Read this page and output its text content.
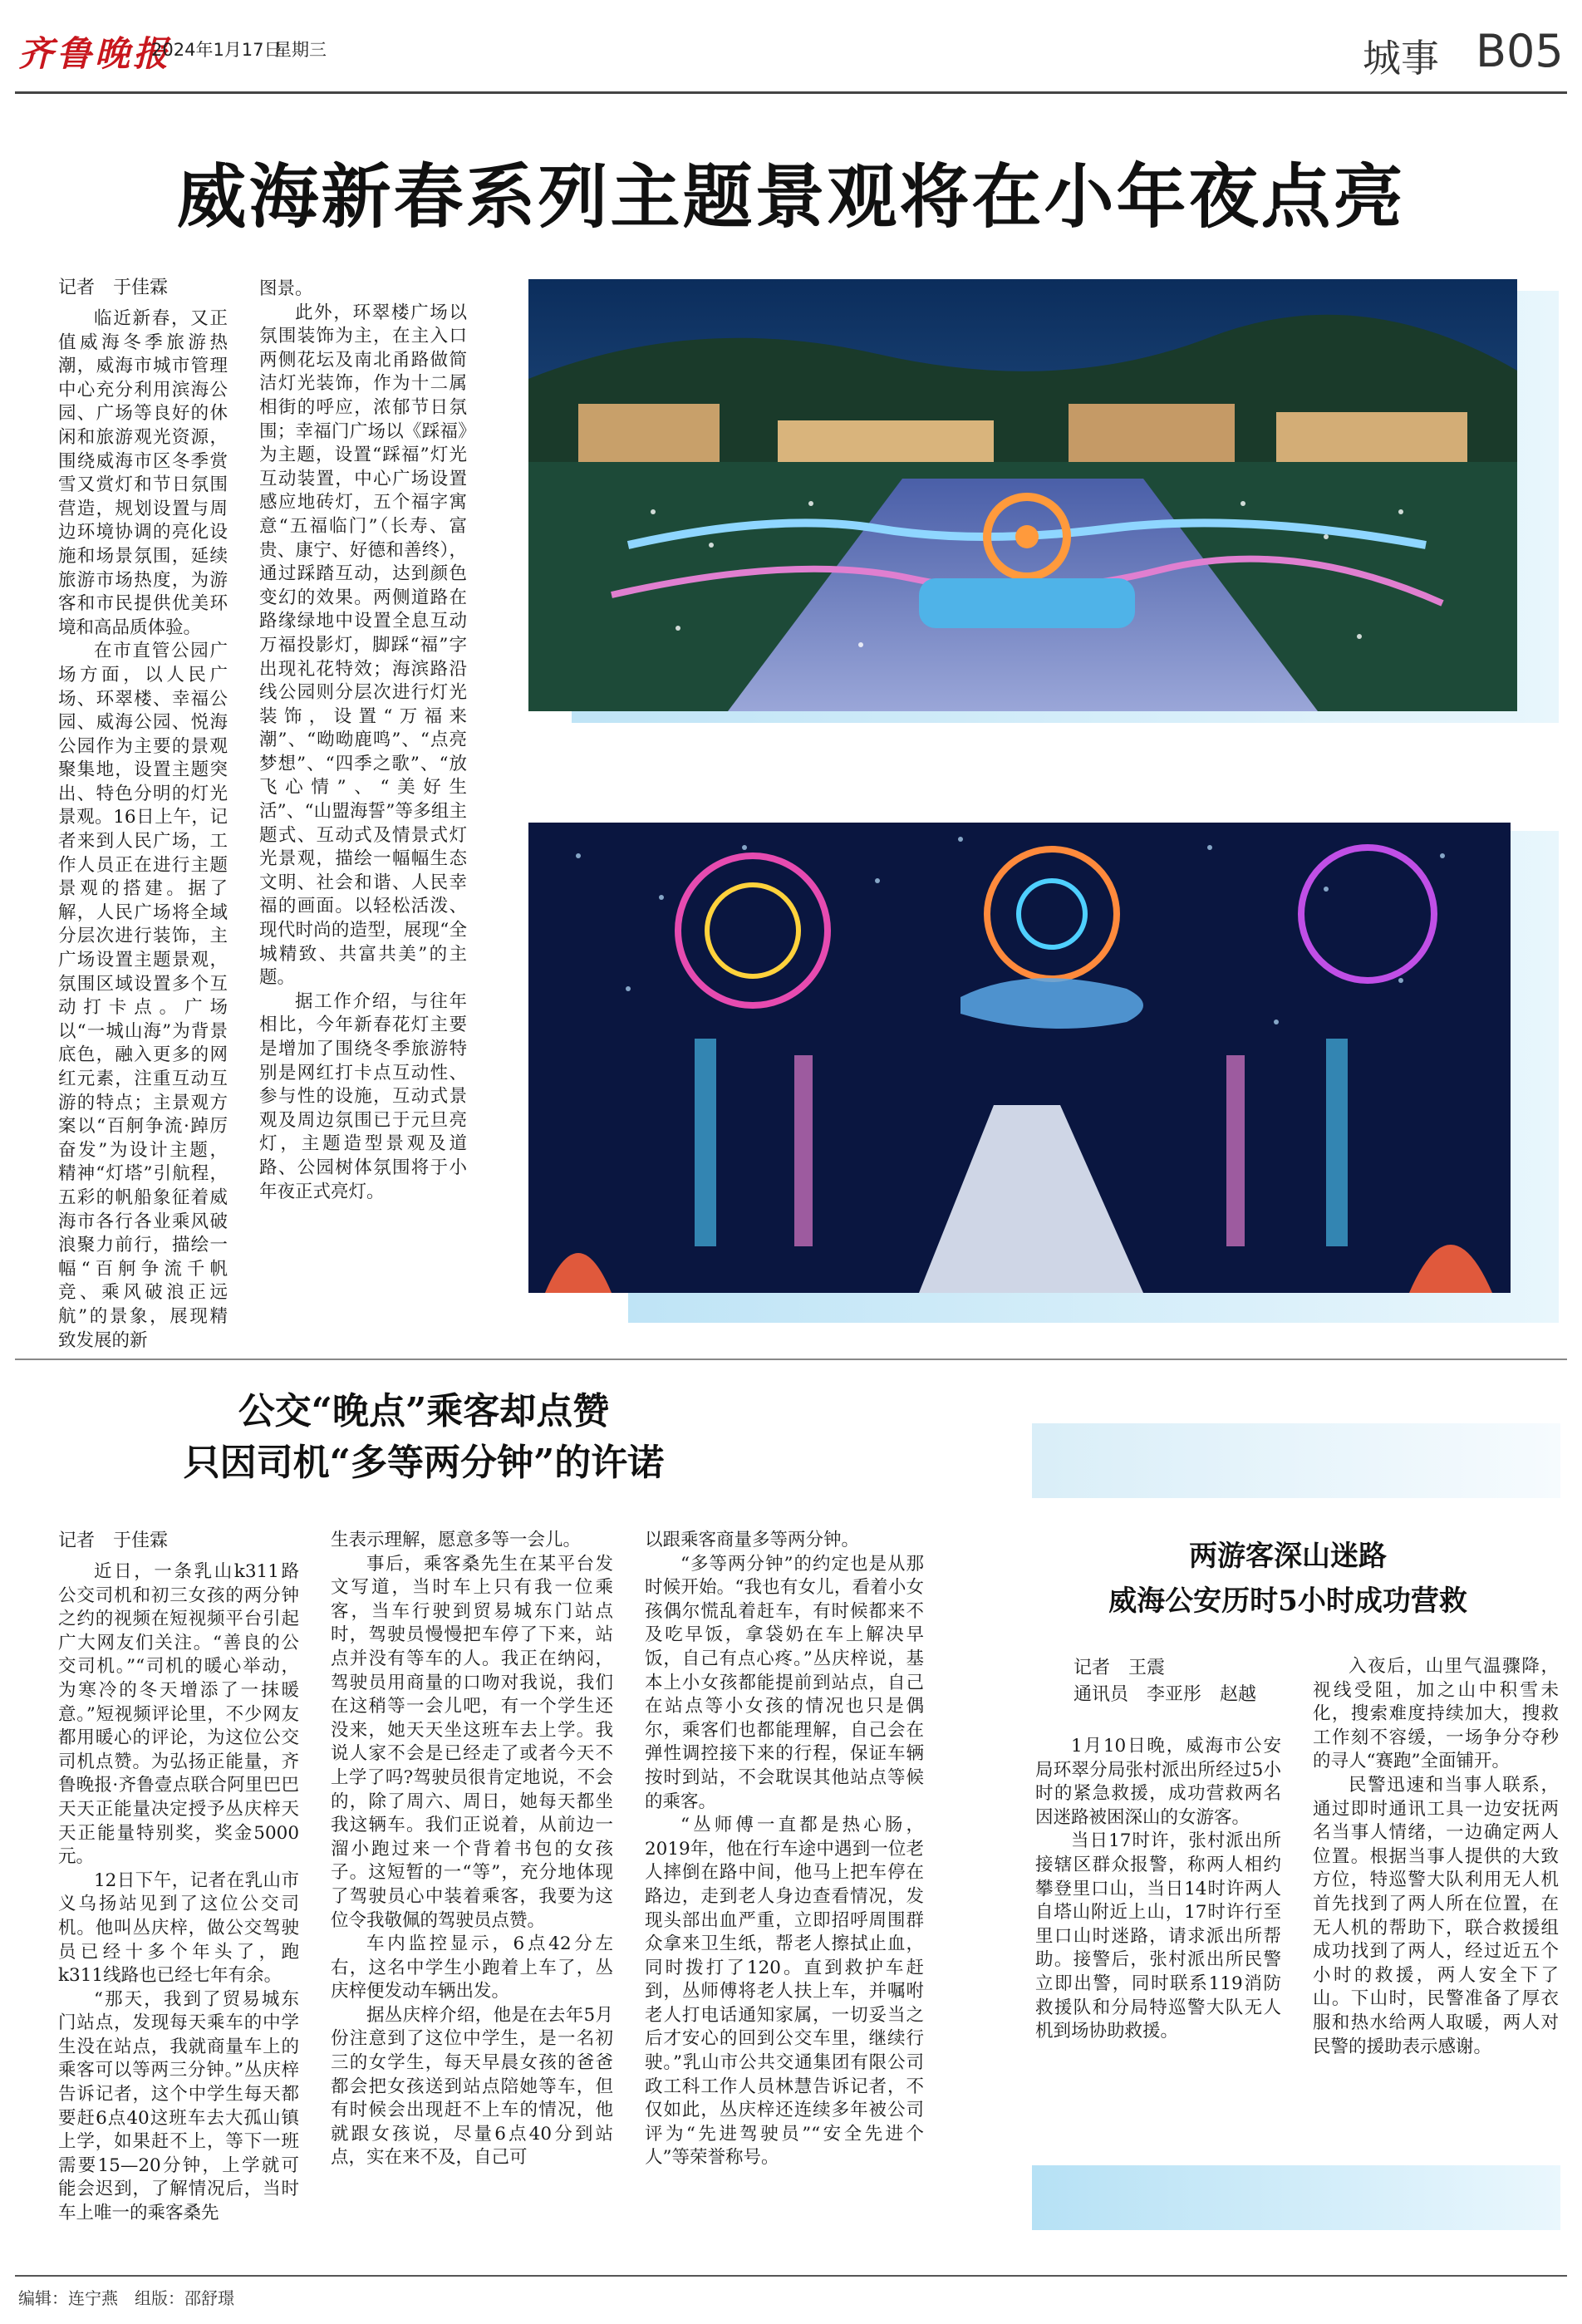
齐鲁晚报
2024年1月17日
星期三	城事 B05
威海新春系列主题景观将在小年夜点亮
记者　于佳霖

临近新春，又正值威海冬季旅游热潮，威海市城市管理中心充分利用滨海公园、广场等良好的休闲和旅游观光资源，围绕威海市区冬季赏雪又赏灯和节日氛围营造，规划设置与周边环境协调的亮化设施和场景氛围，延续旅游市场热度，为游客和市民提供优美环境和高品质体验。

在市直管公园广场方面，以人民广场、环翠楼、幸福公园、威海公园、悦海公园作为主要的景观聚集地，设置主题突出、特色分明的灯光景观。16日上午，记者来到人民广场，工作人员正在进行主题景观的搭建。据了解，人民广场将全域分层次进行装饰，主广场设置主题景观，氛围区域设置多个互动打卡点。广场以“一城山海”为背景底色，融入更多的网红元素，注重互动互游的特点；主景观方案以“百舸争流·踔厉奋发”为设计主题，精神“灯塔”引航程，五彩的帆船象征着威海市各行各业乘风破浪聚力前行，描绘一幅“百舸争流千帆竞、乘风破浪正远航”的景象，展现精致发展的新

图景。

此外，环翠楼广场以氛围装饰为主，在主入口两侧花坛及南北甬路做简洁灯光装饰，作为十二属相街的呼应，浓郁节日氛围；幸福门广场以《踩福》为主题，设置“踩福”灯光互动装置，中心广场设置感应地砖灯，五个福字寓意“五福临门”（长寿、富贵、康宁、好德和善终），通过踩踏互动，达到颜色变幻的效果。两侧道路在路缘绿地中设置全息互动万福投影灯，脚踩“福”字出现礼花特效；海滨路沿线公园则分层次进行灯光装饰，设置“万福来潮”、“呦呦鹿鸣”、“点亮梦想”、“四季之歌”、“放飞心情”、“美好生活”、“山盟海誓”等多组主题式、互动式及情景式灯光景观，描绘一幅幅生态文明、社会和谐、人民幸福的画面。以轻松活泼、现代时尚的造型，展现“全城精致、共富共美”的主题。

据工作介绍，与往年相比，今年新春花灯主要是增加了围绕冬季旅游特别是网红打卡点互动性、参与性的设施，互动式景观及周边氛围已于元旦亮灯，主题造型景观及道路、公园树体氛围将于小年夜正式亮灯。

公交“晚点”乘客却点赞
只因司机“多等两分钟”的许诺
记者　于佳霖

近日，一条乳山k311路公交司机和初三女孩的两分钟之约的视频在短视频平台引起广大网友们关注。“善良的公交司机。”“司机的暖心举动，为寒冷的冬天增添了一抹暖意。”短视频评论里，不少网友都用暖心的评论，为这位公交司机点赞。为弘扬正能量，齐鲁晚报·齐鲁壹点联合阿里巴巴天天正能量决定授予丛庆梓天天正能量特别奖，奖金5000元。

12日下午，记者在乳山市义乌扬站见到了这位公交司机。他叫丛庆梓，做公交驾驶员已经十多个年头了，跑k311线路也已经七年有余。

“那天，我到了贸易城东门站点，发现每天乘车的中学生没在站点，我就商量车上的乘客可以等两三分钟。”丛庆梓告诉记者，这个中学生每天都要赶6点40这班车去大孤山镇上学，如果赶不上，等下一班需要15—20分钟，上学就可能会迟到，了解情况后，当时车上唯一的乘客桑先

生表示理解，愿意多等一会儿。

事后，乘客桑先生在某平台发文写道，当时车上只有我一位乘客，当车行驶到贸易城东门站点时，驾驶员慢慢把车停了下来，站点并没有等车的人。我正在纳闷，驾驶员用商量的口吻对我说，我们在这稍等一会儿吧，有一个学生还没来，她天天坐这班车去上学。我说人家不会是已经走了或者今天不上学了吗?驾驶员很肯定地说，不会的，除了周六、周日，她每天都坐我这辆车。我们正说着，从前边一溜小跑过来一个背着书包的女孩子。这短暂的一“等”，充分地体现了驾驶员心中装着乘客，我要为这位令我敬佩的驾驶员点赞。

车内监控显示，6点42分左右，这名中学生小跑着上车了，丛庆梓便发动车辆出发。

据丛庆梓介绍，他是在去年5月份注意到了这位中学生，是一名初三的女学生，每天早晨女孩的爸爸都会把女孩送到站点陪她等车，但有时候会出现赶不上车的情况，他就跟女孩说，尽量6点40分到站点，实在来不及，自己可

以跟乘客商量多等两分钟。

“多等两分钟”的约定也是从那时候开始。“我也有女儿，看着小女孩偶尔慌乱着赶车，有时候都来不及吃早饭，拿袋奶在车上解决早饭，自己有点心疼。”丛庆梓说，基本上小女孩都能提前到站点，自己在站点等小女孩的情况也只是偶尔，乘客们也都能理解，自己会在弹性调控接下来的行程，保证车辆按时到站，不会耽误其他站点等候的乘客。

“丛师傅一直都是热心肠，2019年，他在行车途中遇到一位老人摔倒在路中间，他马上把车停在路边，走到老人身边查看情况，发现头部出血严重，立即招呼周围群众拿来卫生纸，帮老人擦拭止血，同时拨打了120。直到救护车赶到，丛师傅将老人扶上车，并嘱咐老人打电话通知家属，一切妥当之后才安心的回到公交车里，继续行驶。”乳山市公共交通集团有限公司政工科工作人员林慧告诉记者，不仅如此，丛庆梓还连续多年被公司评为“先进驾驶员”“安全先进个人”等荣誉称号。

两游客深山迷路
威海公安历时5小时成功营救
记者　王震
通讯员　李亚彤　赵越

1月10日晚，威海市公安局环翠分局张村派出所经过5小时的紧急救援，成功营救两名因迷路被困深山的女游客。

当日17时许，张村派出所接辖区群众报警，称两人相约攀登里口山，当日14时许两人自塔山附近上山，17时许行至里口山时迷路，请求派出所帮助。接警后，张村派出所民警立即出警，同时联系119消防救援队和分局特巡警大队无人机到场协助救援。

入夜后，山里气温骤降，视线受阻，加之山中积雪未化，搜索难度持续加大，搜救工作刻不容缓，一场争分夺秒的寻人“赛跑”全面铺开。

民警迅速和当事人联系，通过即时通讯工具一边安抚两名当事人情绪，一边确定两人位置。根据当事人提供的大致方位，特巡警大队利用无人机首先找到了两人所在位置，在无人机的帮助下，联合救援组成功找到了两人，经过近五个小时的救援，两人安全下了山。下山时，民警准备了厚衣服和热水给两人取暖，两人对民警的援助表示感谢。

编辑：连宁燕　组版：邵舒璟
